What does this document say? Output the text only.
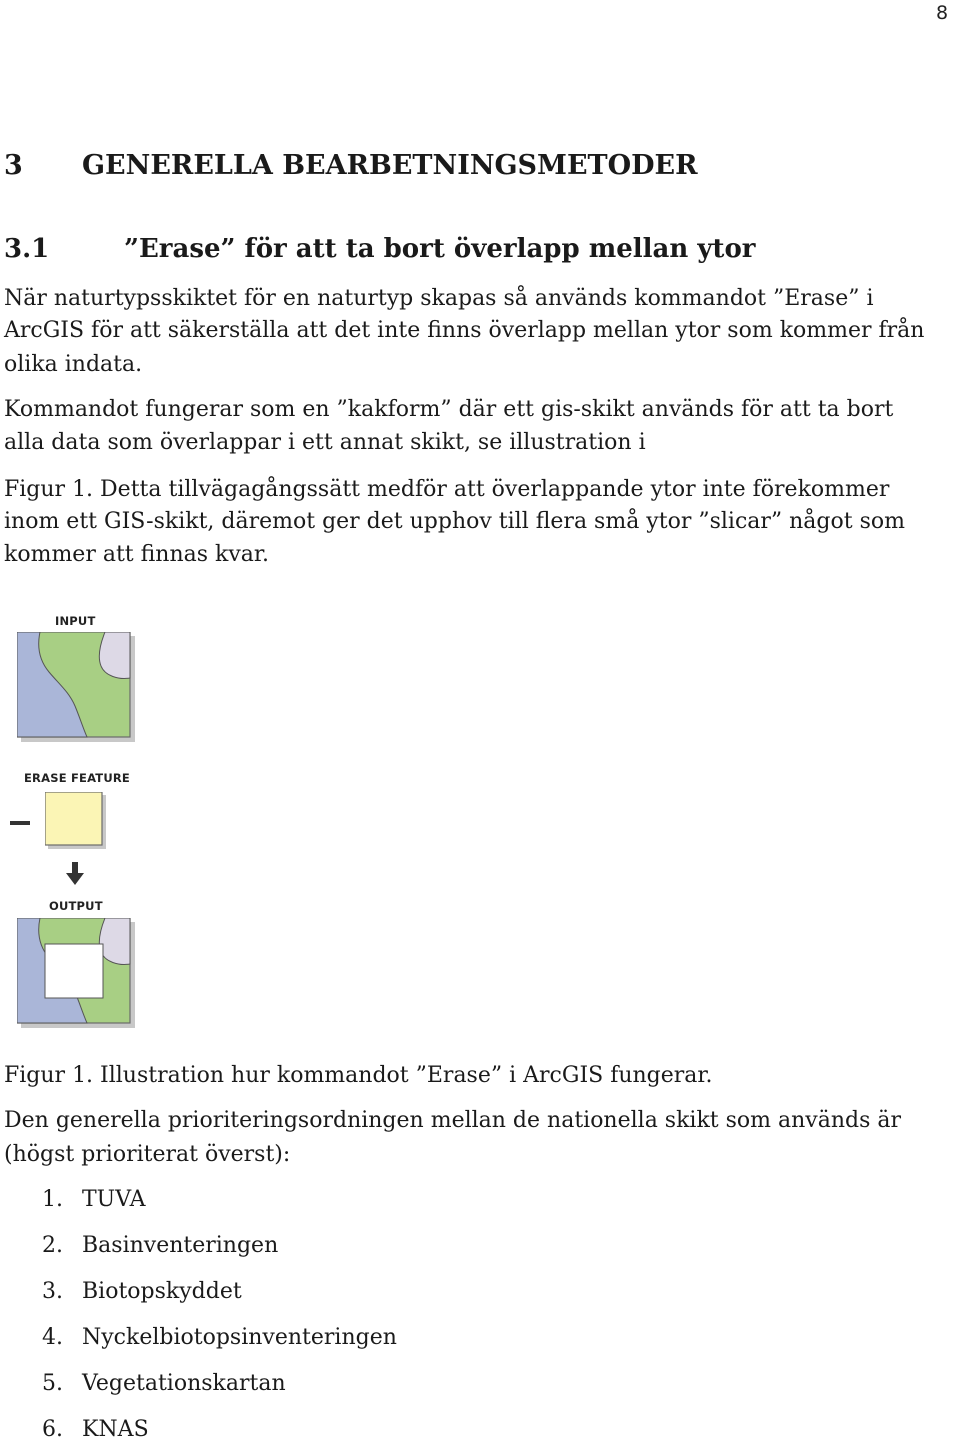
8
3 GENERELLA BEARBETNINGSMETODER
3.1	”Erase” för att ta bort överlapp mellan ytor

När naturtypsskiktet för en naturtyp skapas så används kommandot ”Erase” i

ArcGIS för att säkerställa att det inte finns överlapp mellan ytor som kommer från

olika indata.

Kommandot fungerar som en ”kakform” där ett gis-skikt används för att ta bort

alla data som överlappar i ett annat skikt, se illustration i

Figur 1. Detta tillvägagångssätt medför att överlappande ytor inte förekommer

inom ett GIS-skikt, däremot ger det upphov till flera små ytor ”slicar” något som

kommer att finnas kvar.

INPUT
ERASE FEATURE
OUTPUT

Figur 1. Illustration hur kommandot ”Erase” i ArcGIS fungerar.

Den generella prioriteringsordningen mellan de nationella skikt som används är

(högst prioriterat överst):

1. TUVA
2. Basinventeringen
3. Biotopskyddet
4. Nyckelbiotopsinventeringen
5. Vegetationskartan
6. KNAS
